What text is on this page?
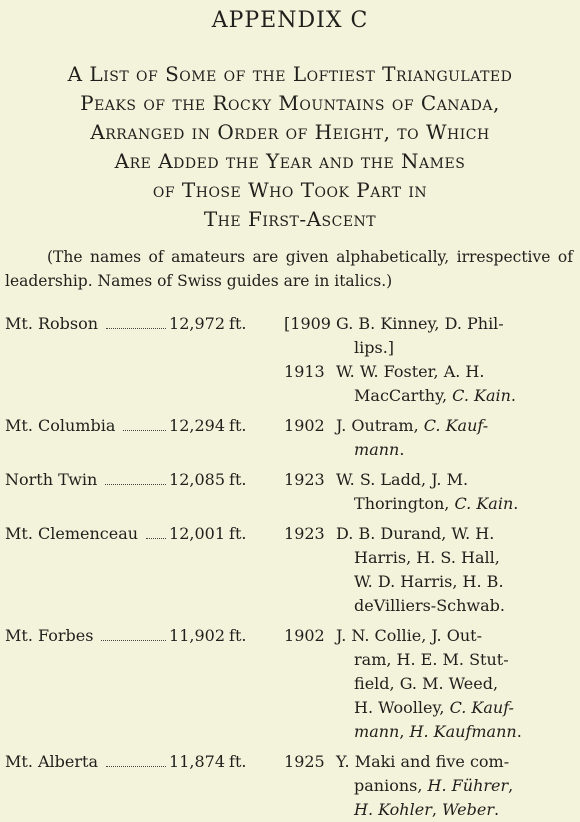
APPENDIX C
A List of Some of the Loftiest Triangulated
Peaks of the Rocky Mountains of Canada,
Arranged in Order of Height, to Which
Are Added the Year and the Names
of Those Who Took Part in
The First-Ascent

(The names of amateurs are given alphabetically, irrespective of leadership. Names of Swiss guides are in italics.)

Mt. Robson 12,972	ft.	[1909	G. B. Kinney, D. Phil-
lips.]

		1913	W. W. Foster, A. H.
MacCarthy, C. Kain.

Mt. Columbia 12,294	ft.	1902	J. Outram, C. Kauf-
mann.

North Twin 12,085	ft.	1923	W. S. Ladd, J. M.
Thorington, C. Kain.

Mt. Clemenceau 12,001	ft.	1923	D. B. Durand, W. H.
Harris, H. S. Hall,
W. D. Harris, H. B.
deVilliers-Schwab.

Mt. Forbes 11,902	ft.	1902	J. N. Collie, J. Out-
ram, H. E. M. Stut-
field, G. M. Weed,
H. Woolley, C. Kauf-
mann, H. Kaufmann.

Mt. Alberta 11,874	ft.	1925	Y. Maki and five com-
panions, H. Führer,
H. Kohler, Weber.
